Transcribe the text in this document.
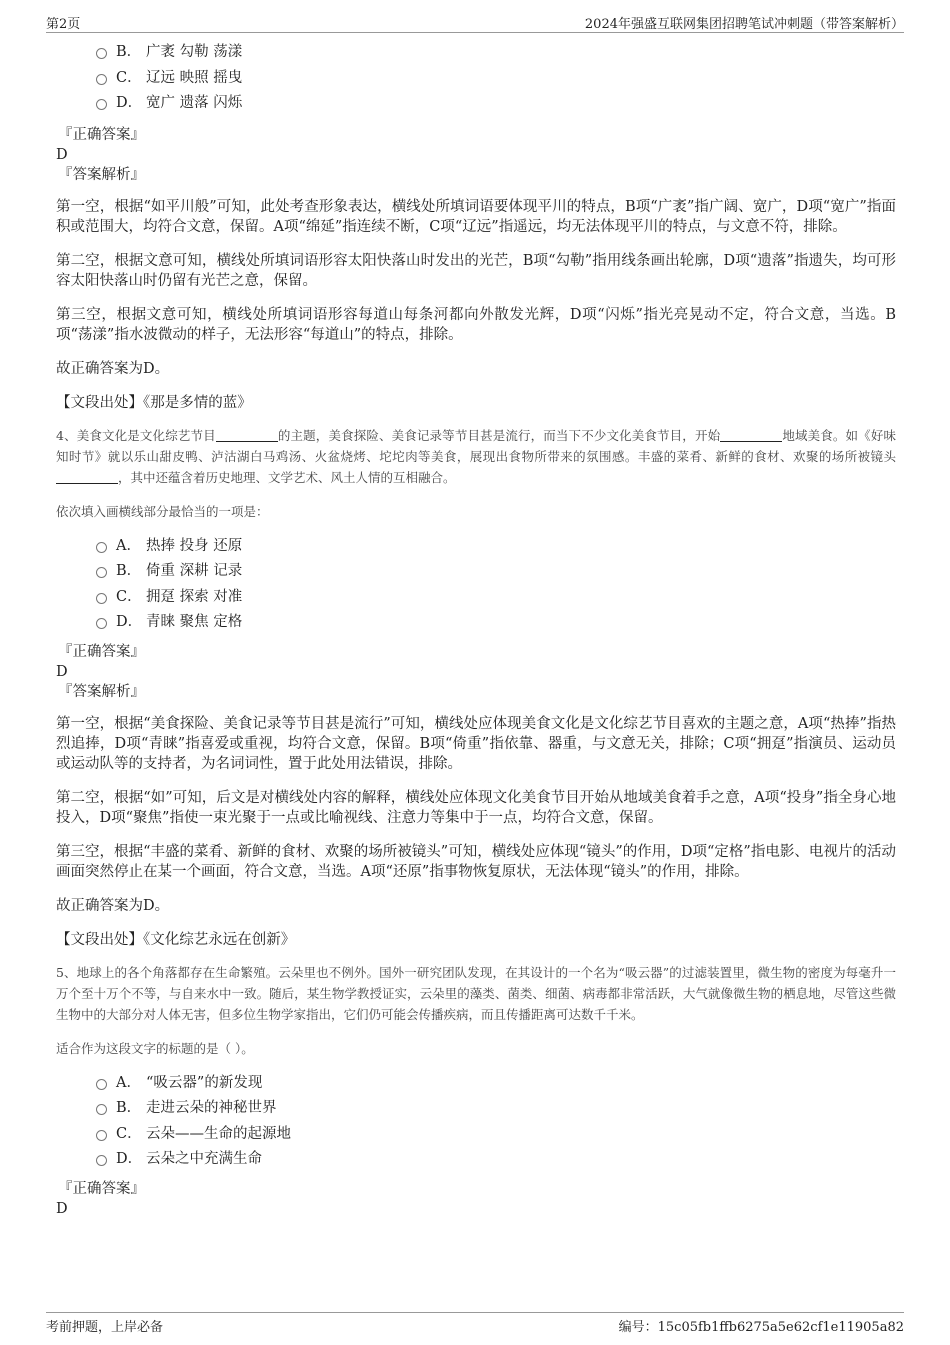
第2页	2024年强盛互联网集团招聘笔试冲刺题（带答案解析）
B． 广袤 勾勒 荡漾
C． 辽远 映照 摇曳
D． 宽广 遗落 闪烁
『正确答案』
D
『答案解析』
第一空，根据“如平川般”可知，此处考查形象表达，横线处所填词语要体现平川的特点，B项“广袤”指广阔、宽广，D项“宽广”指面积或范围大，均符合文意，保留。A项“绵延”指连续不断，C项“辽远”指遥远，均无法体现平川的特点，与文意不符，排除。
第二空，根据文意可知，横线处所填词语形容太阳快落山时发出的光芒，B项“勾勒”指用线条画出轮廓，D项“遗落”指遗失，均可形容太阳快落山时仍留有光芒之意，保留。
第三空，根据文意可知，横线处所填词语形容每道山每条河都向外散发光辉，D项“闪烁”指光亮晃动不定，符合文意，当选。B项“荡漾”指水波微动的样子，无法形容“每道山”的特点，排除。
故正确答案为D。
【文段出处】《那是多情的蓝》
4、美食文化是文化综艺节目	的主题，美食探险、美食记录等节目甚是流行，而当下不少文化美食节目，开始	地域美食。如《好味知时节》就以乐山甜皮鸭、泸沽湖白马鸡汤、火盆烧烤、坨坨肉等美食，展现出食物所带来的氛围感。丰盛的菜肴、新鲜的食材、欢聚的场所被镜头，其中还蕴含着历史地理、文学艺术、风土人情的互相融合。
依次填入画横线部分最恰当的一项是：
A． 热捧 投身 还原
B． 倚重 深耕 记录
C． 拥趸 探索 对准
D． 青睐 聚焦 定格
『正确答案』
D
『答案解析』
第一空，根据“美食探险、美食记录等节目甚是流行”可知，横线处应体现美食文化是文化综艺节目喜欢的主题之意，A项“热捧”指热烈追捧，D项“青睐”指喜爱或重视，均符合文意，保留。B项“倚重”指依靠、器重，与文意无关，排除；C项“拥趸”指演员、运动员或运动队等的支持者，为名词词性，置于此处用法错误，排除。
第二空，根据“如”可知，后文是对横线处内容的解释，横线处应体现文化美食节目开始从地域美食着手之意，A项“投身”指全身心地投入，D项“聚焦”指使一束光聚于一点或比喻视线、注意力等集中于一点，均符合文意，保留。
第三空，根据“丰盛的菜肴、新鲜的食材、欢聚的场所被镜头”可知，横线处应体现“镜头”的作用，D项“定格”指电影、电视片的活动画面突然停止在某一个画面，符合文意，当选。A项“还原”指事物恢复原状，无法体现“镜头”的作用，排除。
故正确答案为D。
【文段出处】《文化综艺永远在创新》
5、地球上的各个角落都存在生命繁殖。云朵里也不例外。国外一研究团队发现，在其设计的一个名为“吸云器”的过滤装置里，微生物的密度为每毫升一万个至十万个不等，与自来水中一致。随后，某生物学教授证实，云朵里的藻类、菌类、细菌、病毒都非常活跃，大气就像微生物的栖息地，尽管这些微生物中的大部分对人体无害，但多位生物学家指出，它们仍可能会传播疾病，而且传播距离可达数千千米。
适合作为这段文字的标题的是（ ）。
A． “吸云器”的新发现
B． 走进云朵的神秘世界
C． 云朵——生命的起源地
D． 云朵之中充满生命
『正确答案』
D
考前押题，上岸必备	编号：15c05fb1ffb6275a5e62cf1e11905a82
